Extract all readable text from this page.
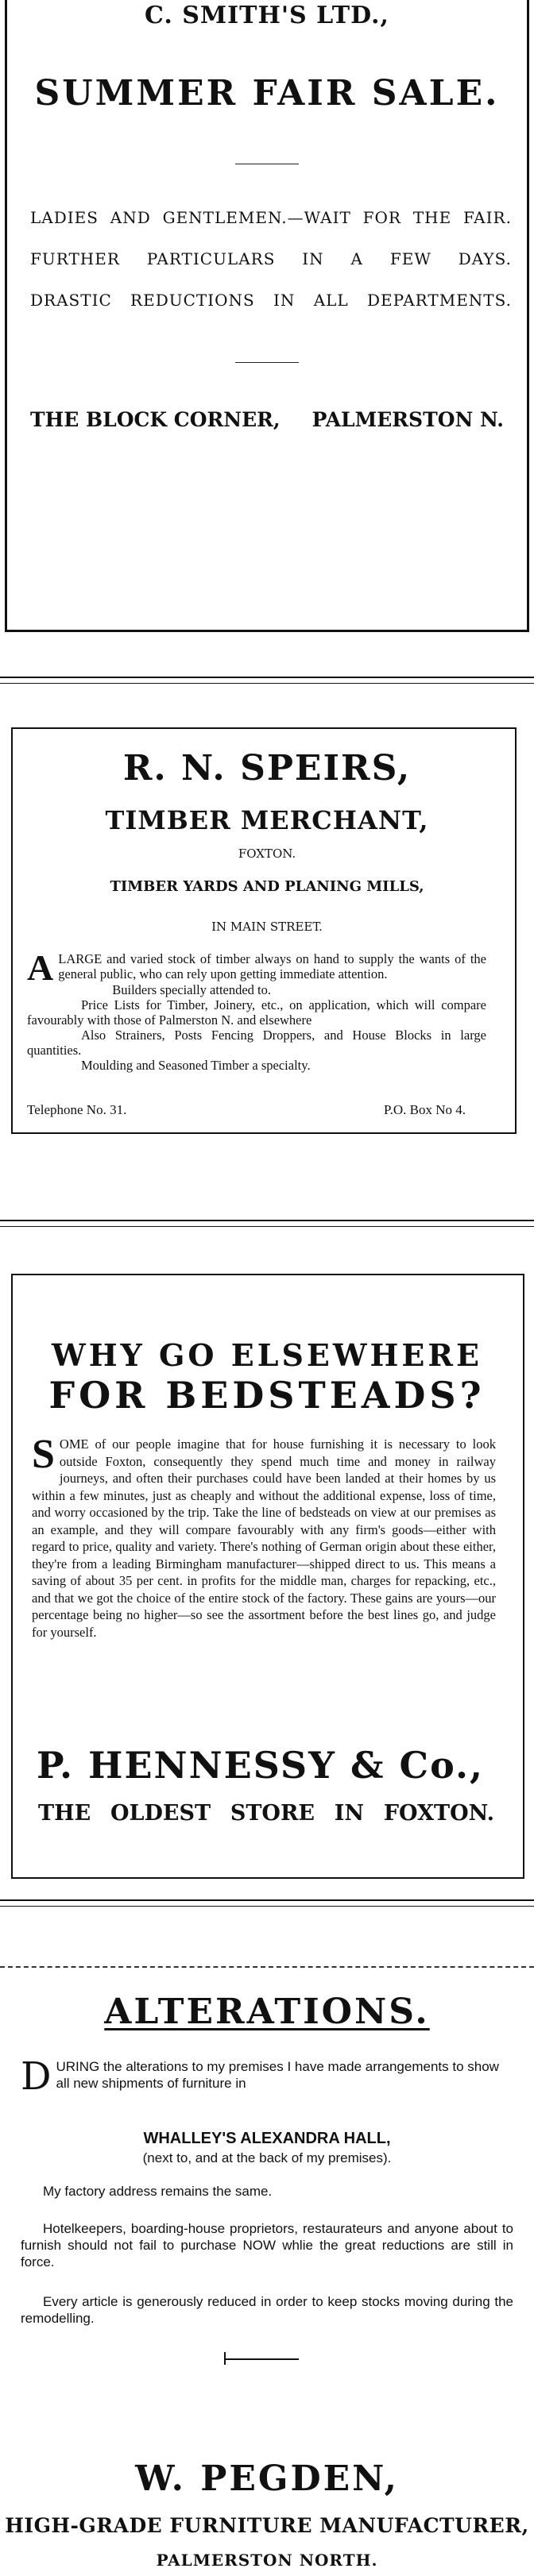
C. SMITH'S LTD.,
SUMMER FAIR SALE.
LADIES AND GENTLEMEN.—WAIT FOR THE FAIR.
FURTHER PARTICULARS IN A FEW DAYS.
DRASTIC REDUCTIONS IN ALL DEPARTMENTS.
THE BLOCK CORNER, PALMERSTON N.
R. N. SPEIRS,
TIMBER MERCHANT,
FOXTON.
TIMBER YARDS AND PLANING MILLS,
IN MAIN STREET.
A LARGE and varied stock of timber always on hand to supply the wants of the general public, who can rely upon getting immediate attention.
Builders specially attended to.
Price Lists for Timber, Joinery, etc., on application, which will compare favourably with those of Palmerston N. and elsewhere
Also Strainers, Posts Fencing Droppers, and House Blocks in large quantities.
Moulding and Seasoned Timber a specialty.
Telephone No. 31.	P.O. Box No 4.
WHY GO ELSEWHERE
FOR BEDSTEADS?
S OME of our people imagine that for house furnishing it is necessary to look outside Foxton, consequently they spend much time and money in railway journeys, and often their purchases could have been landed at their homes by us within a few minutes, just as cheaply and without the additional expense, loss of time, and worry occasioned by the trip. Take the line of bedsteads on view at our premises as an example, and they will compare favourably with any firm's goods—either with regard to price, quality and variety. There's nothing of German origin about these either, they're from a leading Birmingham manufacturer—shipped direct to us. This means a saving of about 35 per cent. in profits for the middle man, charges for repacking, etc., and that we got the choice of the entire stock of the factory. These gains are yours—our percentage being no higher—so see the assortment before the best lines go, and judge for yourself.
P. HENNESSY & Co.,
THE OLDEST STORE IN FOXTON.
ALTERATIONS.
D URING the alterations to my premises I have made arrangements to show all new shipments of furniture in
WHALLEY'S ALEXANDRA HALL,
(next to, and at the back of my premises).
My factory address remains the same.
Hotelkeepers, boarding-house proprietors, restaurateurs and anyone about to furnish should not fail to purchase NOW whlie the great reductions are still in force.
Every article is generously reduced in order to keep stocks moving during the remodelling.
W. PEGDEN,
HIGH-GRADE FURNITURE MANUFACTURER,
PALMERSTON NORTH.
